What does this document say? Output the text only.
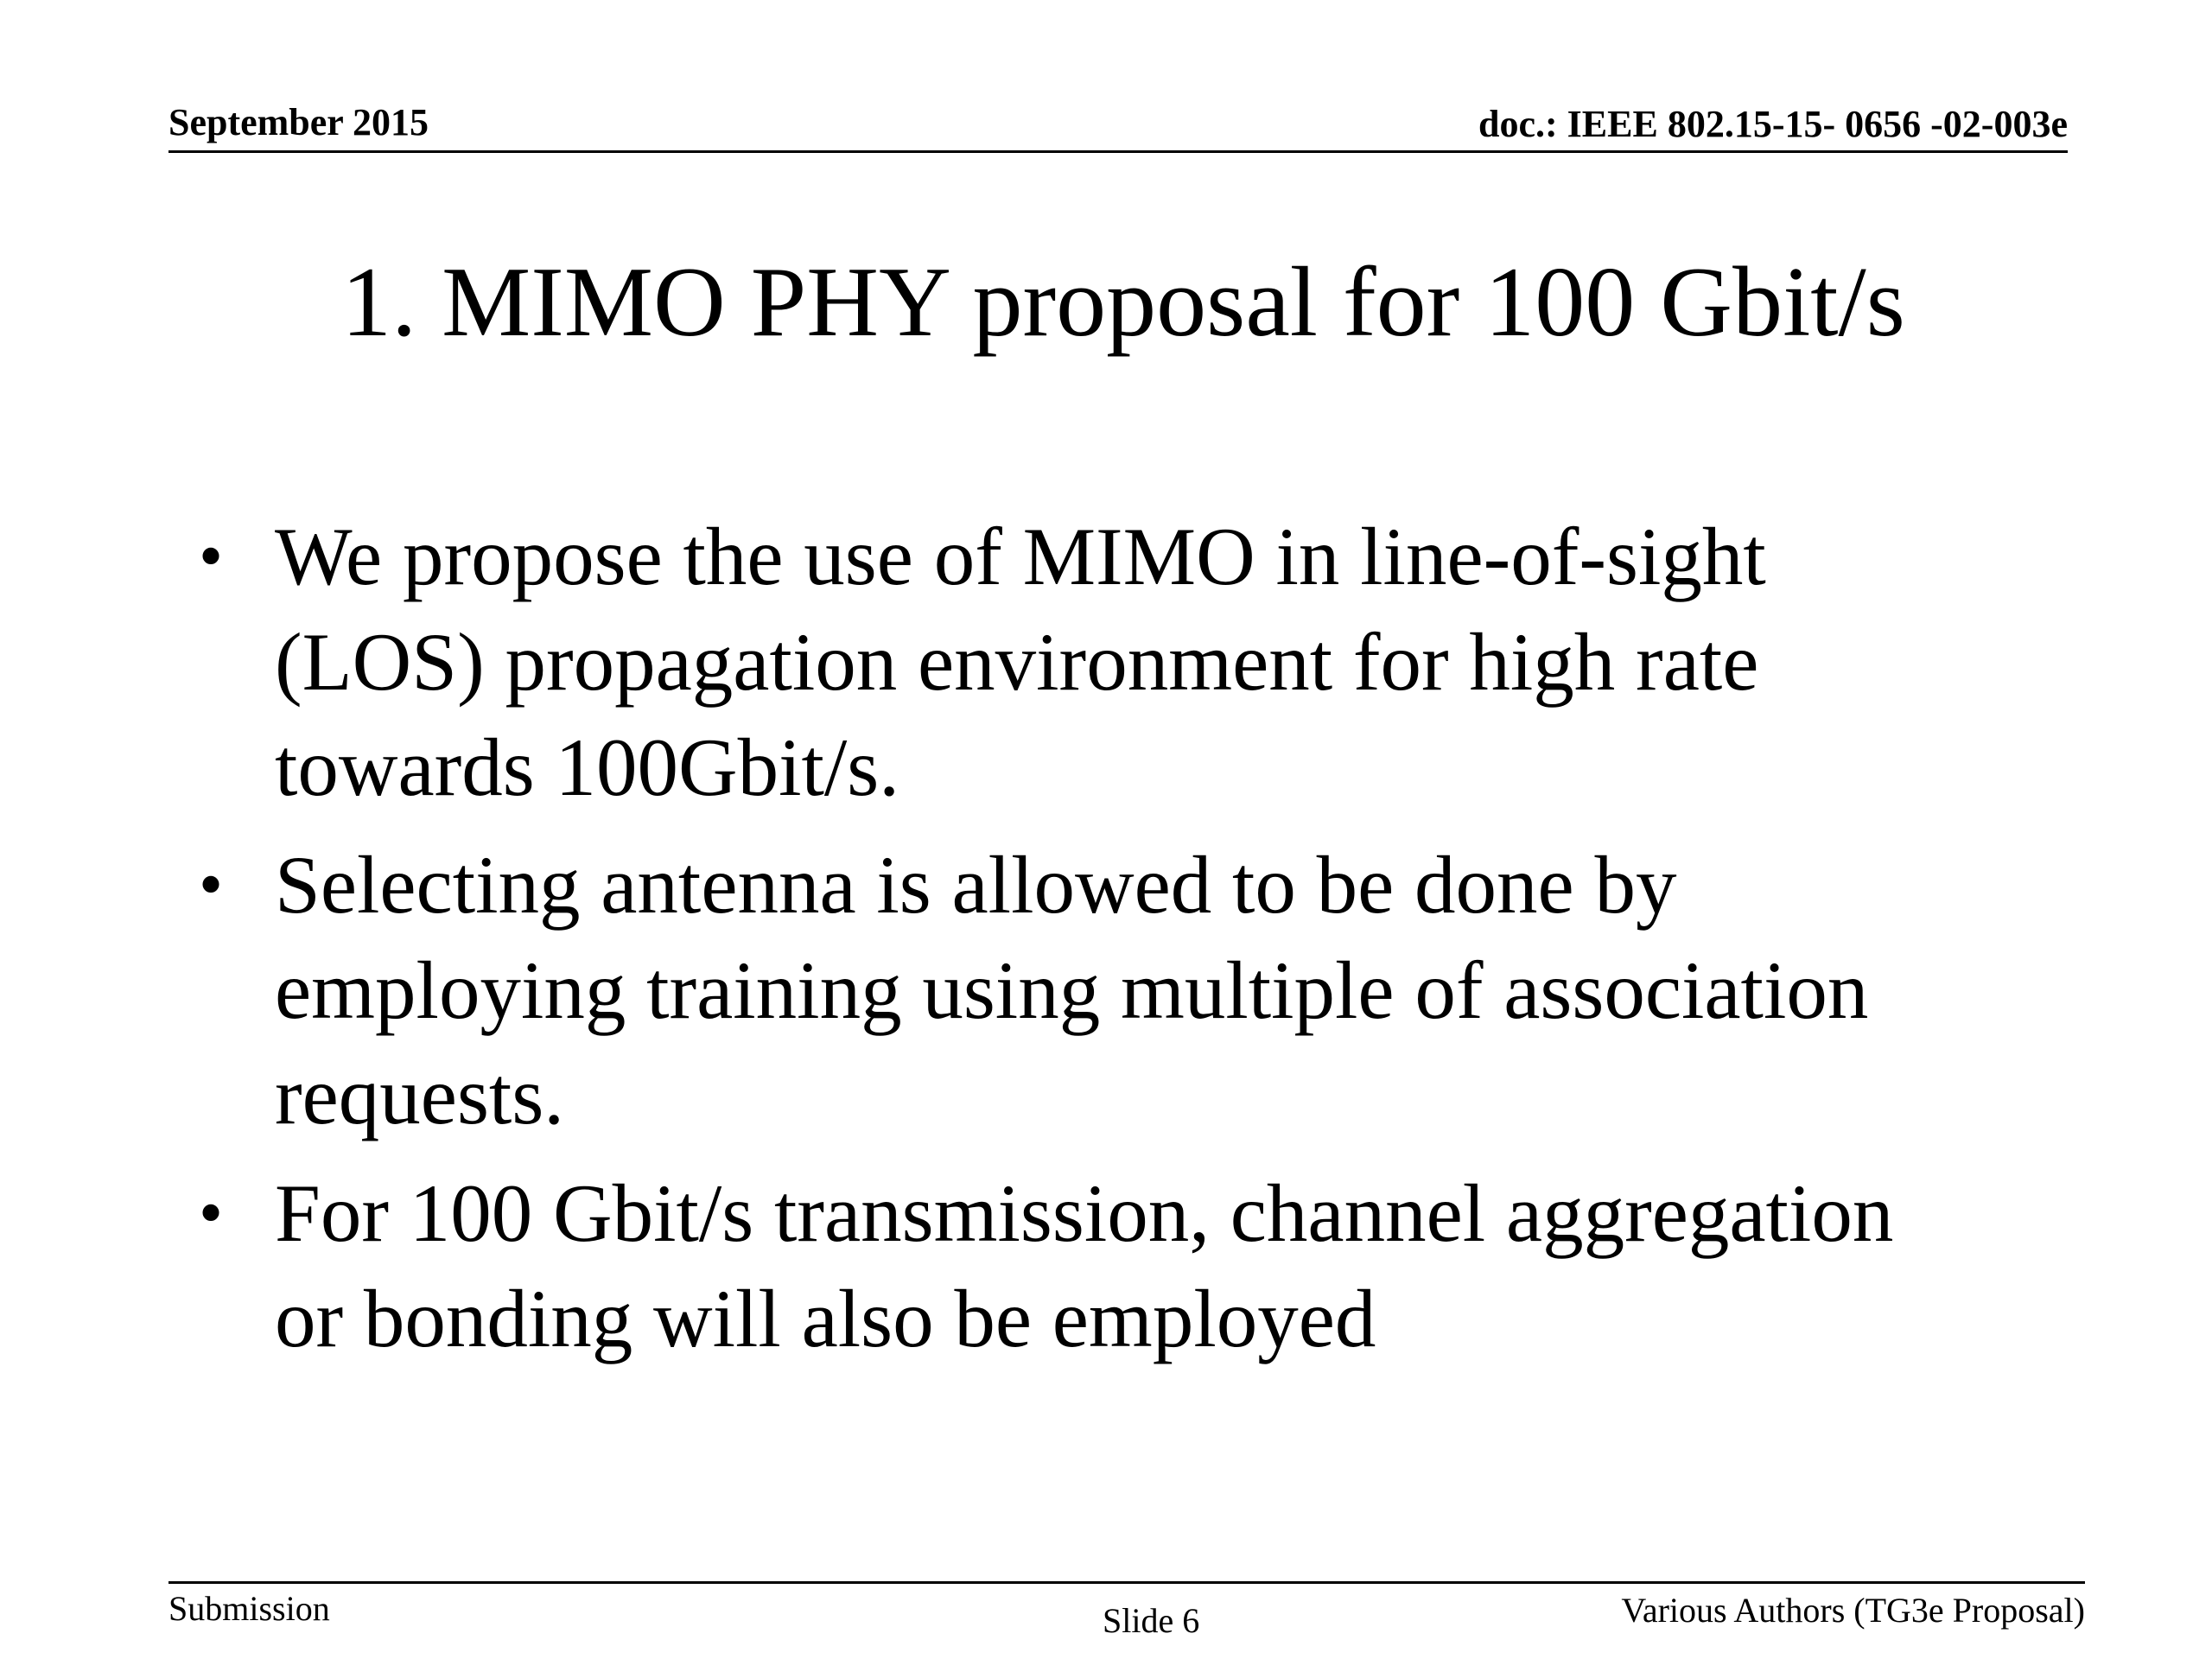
September 2015	doc.: IEEE 802.15-15- 0656 -02-003e
1. MIMO PHY proposal for 100 Gbit/s
• We propose the use of MIMO in line-of-sight
(LOS) propagation environment for high rate
towards 100Gbit/s.
• Selecting antenna is allowed to be done by
employing training using multiple of association
requests.
• For 100 Gbit/s transmission, channel aggregation
or bonding will also be employed
Submission	Slide 6	Various Authors (TG3e Proposal)
